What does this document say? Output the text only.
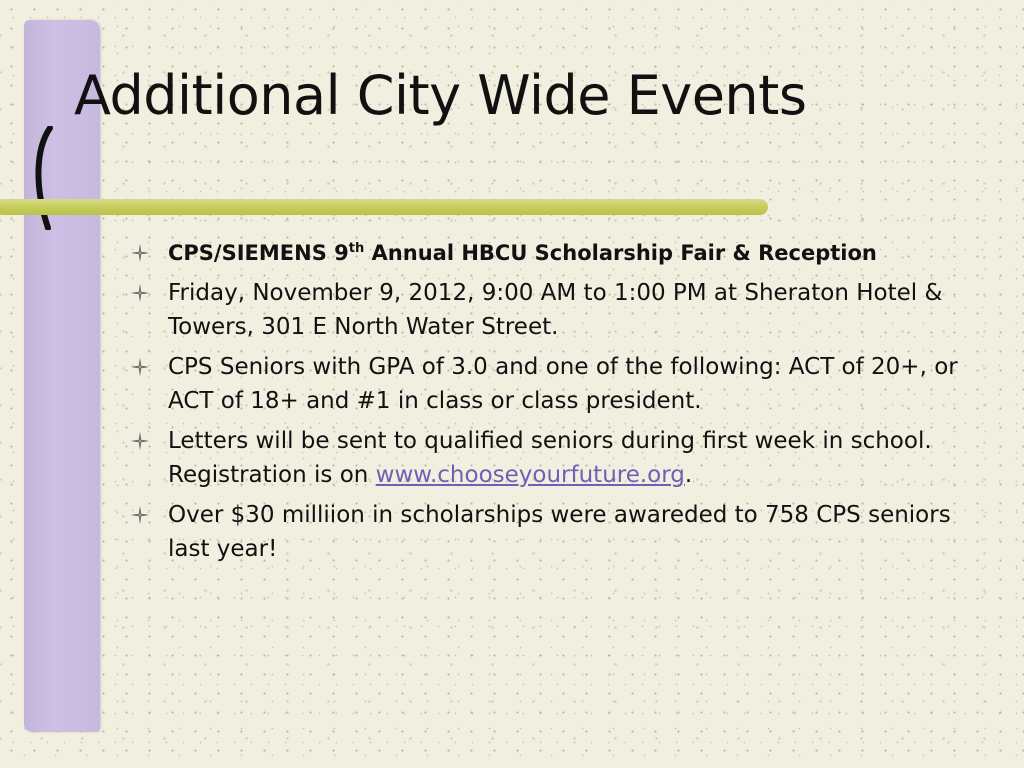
Additional City Wide Events
CPS/SIEMENS 9th Annual HBCU Scholarship Fair & Reception
Friday, November 9, 2012, 9:00 AM to 1:00 PM at Sheraton Hotel & Towers, 301 E North Water Street.
CPS Seniors with GPA of 3.0 and one of the following: ACT of 20+, or ACT of 18+ and #1 in class or class president.
Letters will be sent to qualified seniors during first week in school. Registration is on www.chooseyourfuture.org.
Over $30 milliion in scholarships were awareded to 758 CPS seniors last year!
